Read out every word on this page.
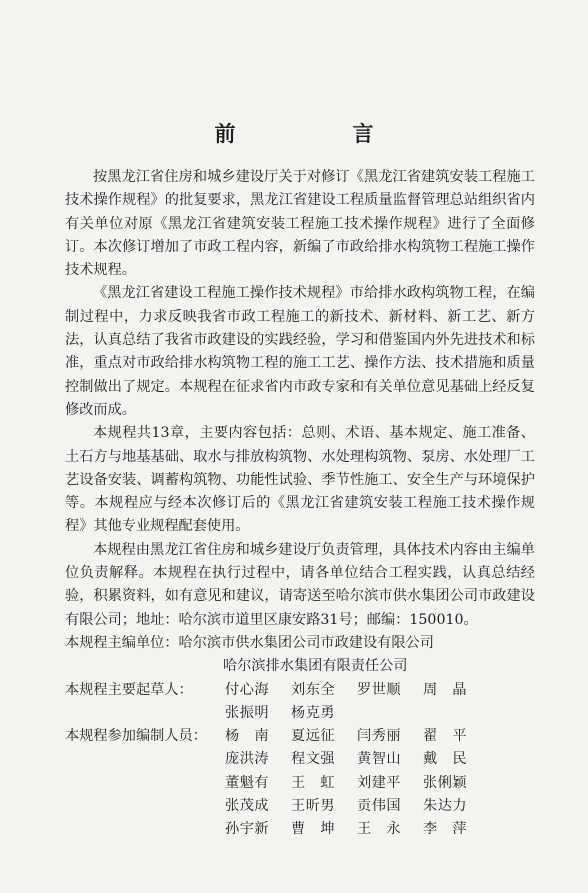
前　言

按黑龙江省住房和城乡建设厅关于对修订《黑龙江省建筑安装工程施工技术操作规程》的批复要求，黑龙江省建设工程质量监督管理总站组织省内有关单位对原《黑龙江省建筑安装工程施工技术操作规程》进行了全面修订。本次修订增加了市政工程内容，新编了市政给排水构筑物工程施工操作技术规程。

《黑龙江省建设工程施工操作技术规程》市给排水政构筑物工程，在编制过程中，力求反映我省市政工程施工的新技术、新材料、新工艺、新方法，认真总结了我省市政建设的实践经验，学习和借鉴国内外先进技术和标准，重点对市政给排水构筑物工程的施工工艺、操作方法、技术措施和质量控制做出了规定。本规程在征求省内市政专家和有关单位意见基础上经反复修改而成。

本规程共13章，主要内容包括：总则、术语、基本规定、施工准备、土石方与地基基础、取水与排放构筑物、水处理构筑物、泵房、水处理厂工艺设备安装、调蓄构筑物、功能性试验、季节性施工、安全生产与环境保护等。本规程应与经本次修订后的《黑龙江省建筑安装工程施工技术操作规程》其他专业规程配套使用。

本规程由黑龙江省住房和城乡建设厅负责管理，具体技术内容由主编单位负责解释。本规程在执行过程中，请各单位结合工程实践，认真总结经验，积累资料，如有意见和建议，请寄送至哈尔滨市供水集团公司市政建设有限公司；地址：哈尔滨市道里区康安路31号；邮编：150010。

本规程主编单位： 哈尔滨市供水集团公司市政建设有限公司
哈尔滨排水集团有限责任公司
本规程主要起草人：	付心海	刘东全	罗世顺	周　晶
张振明	杨克勇
本规程参加编制人员：	杨　南	夏远征	闫秀丽	翟　平
庞洪涛	程文强	黄智山	戴　民
董魁有	王　虹	刘建平	张俐颖
张茂成	王昕男	贡伟国	朱达力
孙宇新	曹　坤	王　永	李　萍
